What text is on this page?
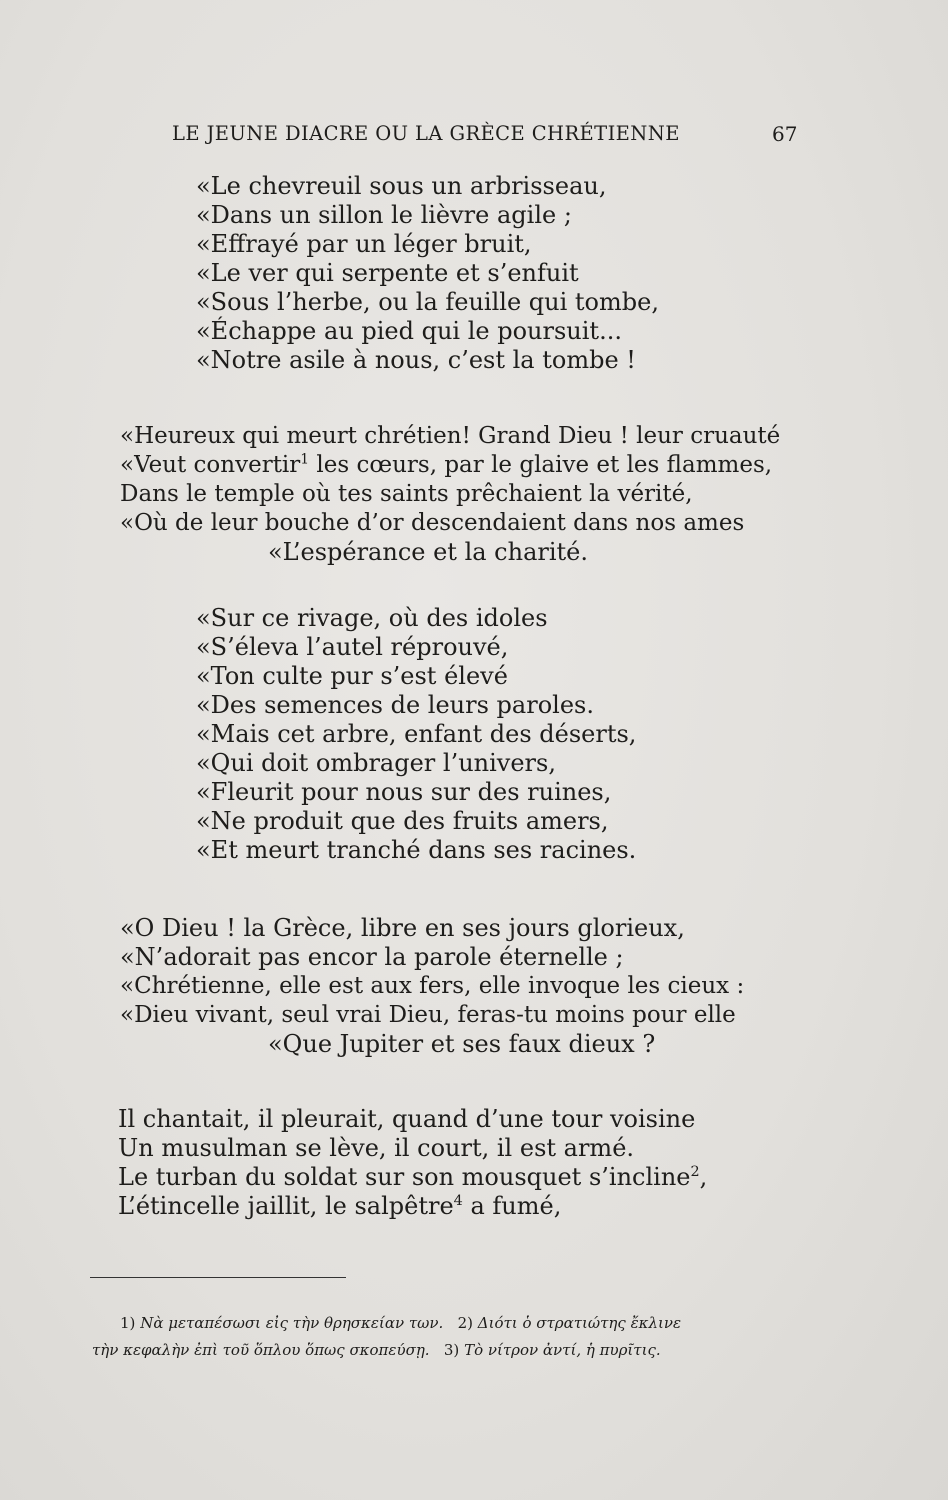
LE JEUNE DIACRE OU LA GRÈCE CHRÉTIENNE	67
«Le chevreuil sous un arbrisseau,
«Dans un sillon le lièvre agile ;
«Effrayé par un léger bruit,
«Le ver qui serpente et s’enfuit
«Sous l’herbe, ou la feuille qui tombe,
«Échappe au pied qui le poursuit...
«Notre asile à nous, c’est la tombe !
«Heureux qui meurt chrétien! Grand Dieu ! leur cruauté
«Veut convertir$^1$ les cœurs, par le glaive et les flammes,
Dans le temple où tes saints prêchaient la vérité,
«Où de leur bouche d’or descendaient dans nos ames
«L’espérance et la charité.
«Sur ce rivage, où des idoles
«S’éleva l’autel réprouvé,
«Ton culte pur s’est élevé
«Des semences de leurs paroles.
«Mais cet arbre, enfant des déserts,
«Qui doit ombrager l’univers,
«Fleurit pour nous sur des ruines,
«Ne produit que des fruits amers,
«Et meurt tranché dans ses racines.
«O Dieu ! la Grèce, libre en ses jours glorieux,
«N’adorait pas encor la parole éternelle ;
«Chrétienne, elle est aux fers, elle invoque les cieux :
«Dieu vivant, seul vrai Dieu, feras-tu moins pour elle
«Que Jupiter et ses faux dieux ?
Il chantait, il pleurait, quand d’une tour voisine
Un musulman se lève, il court, il est armé.
Le turban du soldat sur son mousquet s’incline$^2$,
L’étincelle jaillit, le salpêtre$^4$ a fumé,
1) Νὰ μεταπέσωσι εἰς τὴν θρησκείαν των. 2) Διότι ὁ στρατιώτης ἔκλινε
τὴν κεφαλὴν ἐπὶ τοῦ ὅπλου ὅπως σκοπεύσῃ. 3) Τὸ νίτρον ἀντί, ἡ πυρῖτις.
